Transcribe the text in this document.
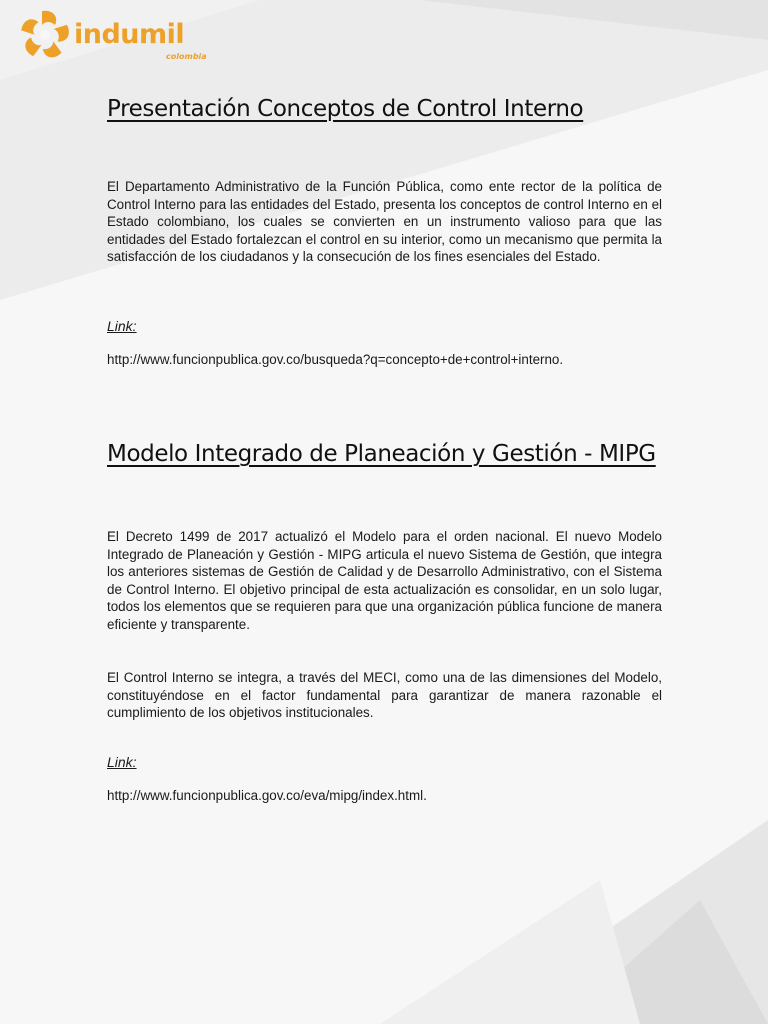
indumil
colombia
Presentación Conceptos de Control Interno

El Departamento Administrativo de la Función Pública, como ente rector de la política de Control Interno para las entidades del Estado, presenta los conceptos de control Interno en el Estado colombiano, los cuales se convierten en un instrumento valioso para que las entidades del Estado fortalezcan el control en su interior, como un mecanismo que permita la satisfacción de los ciudadanos y la consecución de los fines esenciales del Estado.

Link:

http://www.funcionpublica.gov.co/busqueda?q=concepto+de+control+interno.

Modelo Integrado de Planeación y Gestión - MIPG

El Decreto 1499 de 2017 actualizó el Modelo para el orden nacional. El nuevo Modelo Integrado de Planeación y Gestión - MIPG articula el nuevo Sistema de Gestión, que integra los anteriores sistemas de Gestión de Calidad y de Desarrollo Administrativo, con el Sistema de Control Interno. El objetivo principal de esta actualización es consolidar, en un solo lugar, todos los elementos que se requieren para que una organización pública funcione de manera eficiente y transparente.

El Control Interno se integra, a través del MECI, como una de las dimensiones del Modelo, constituyéndose en el factor fundamental para garantizar de manera razonable el cumplimiento de los objetivos institucionales.

Link:

http://www.funcionpublica.gov.co/eva/mipg/index.html.
